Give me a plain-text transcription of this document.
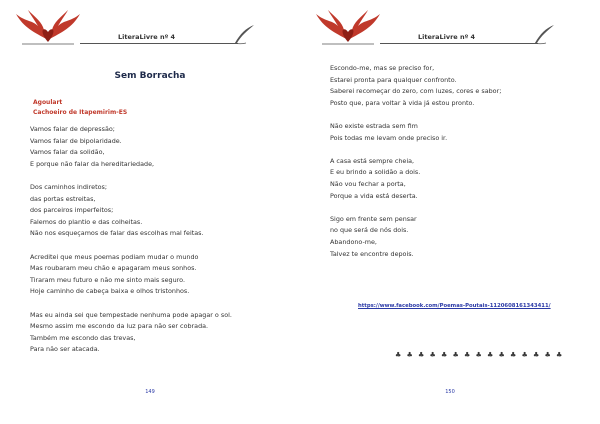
LiteraLivre nº 4
Sem Borracha
Agoulart
Cachoeiro de Itapemirim-ES
Vamos falar de depressão;
Vamos falar de bipolaridade.
Vamos falar da solidão,
E porque não falar da hereditariedade,
Dos caminhos indiretos;
das portas estreitas,
dos parceiros imperfeitos;
Falemos do plantio e das colheitas.
Não nos esqueçamos de falar das escolhas mal feitas.
Acreditei que meus poemas podiam mudar o mundo
Mas roubaram meu chão e apagaram meus sonhos.
Tiraram meu futuro e não me sinto mais seguro.
Hoje caminho de cabeça baixa e olhos tristonhos.
Mas eu ainda sei que tempestade nenhuma pode apagar o sol.
Mesmo assim me escondo da luz para não ser cobrada.
Também me escondo das trevas,
Para não ser atacada.
149
LiteraLivre nº 4
Escondo-me, mas se preciso for,
Estarei pronta para qualquer confronto.
Saberei recomeçar do zero, com luzes, cores e sabor;
Posto que, para voltar à vida já estou pronto.
Não existe estrada sem fim
Pois todas me levam onde preciso ir.
A casa está sempre cheia,
E eu brindo a solidão a dois.
Não vou fechar a porta,
Porque a vida está deserta.
Sigo em frente sem pensar
no que será de nós dois.
Abandono-me,
Talvez te encontre depois.
https://www.facebook.com/Poemas-Poutais-1120608161343411/
♣ ♣ ♣ ♣ ♣ ♣ ♣ ♣ ♣ ♣ ♣ ♣ ♣ ♣ ♣
150
